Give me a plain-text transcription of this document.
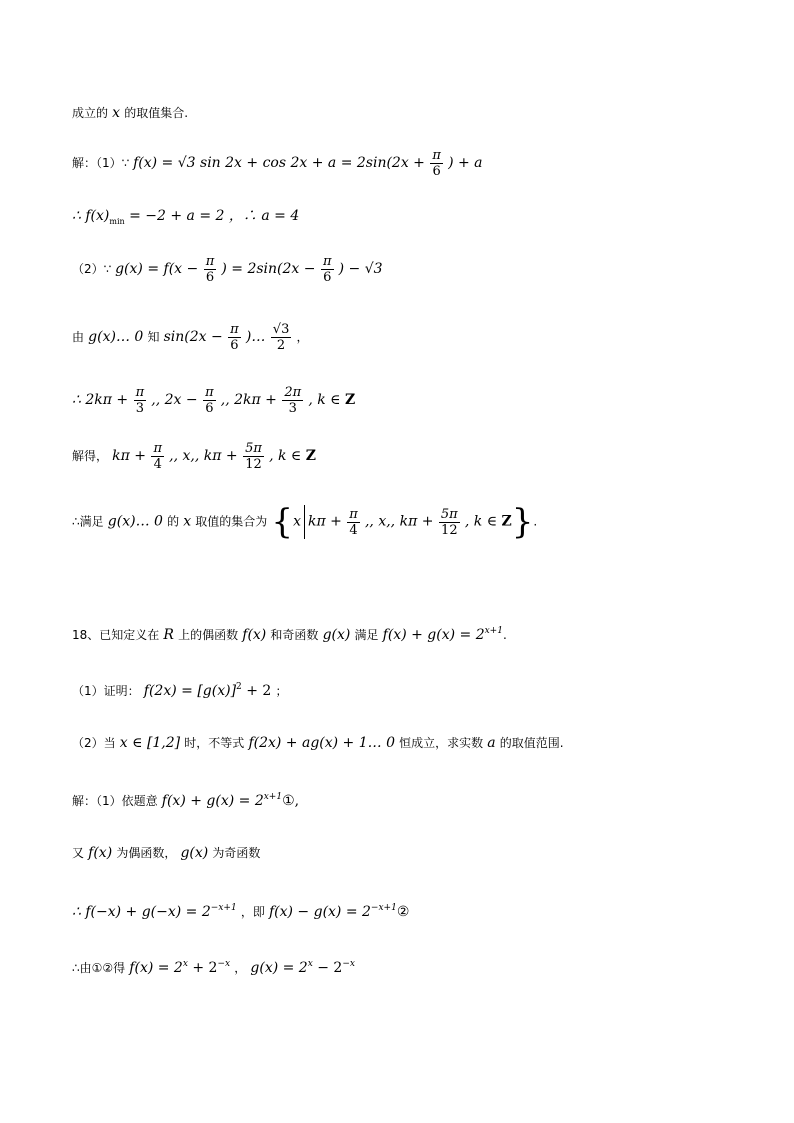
成立的 x 的取值集合.
解：（1）∵ f(x) = √3 $\sin 2x + \cos 2x + a = 2\sin(2x + \frac{\pi}{6}$ ) + a
∴ $f(x)_{min} = -2 + a = 2$ ，∴ a = 4
（2）∵ $g(x) = f(x - \frac{\pi}{6}$ ) = $2\sin(2x - \frac{\pi}{6}$ ) − √3
由 g(x)… 0 知 $\sin(2x - \frac{\pi}{6}$ )… $\frac{√3}{2}$ ，
∴ $2k\pi + \frac{\pi}{3}$ ,, $2x - \frac{\pi}{6}$ ,, $2k\pi + \frac{2\pi}{3}$ , k ∈ Z
解得， $k\pi + \frac{\pi}{4}$ ,, x,, $k\pi + \frac{5\pi}{12}$ , k ∈ Z
∴满足 g(x)… 0 的 x 取值的集合为 {x $k\pi + \frac{\pi}{4}$ ,, x,, $k\pi + \frac{5\pi}{12}$ , k ∈ Z}.
18、已知定义在 R 上的偶函数 f(x) 和奇函数 g(x) 满足 $f(x) + g(x) = 2^{x+1}$.
（1）证明： $f(2x) = [g(x)]^2 + 2$ ；
（2）当 x ∈ [1,2] 时，不等式 f(2x) + ag(x) + 1… 0 恒成立，求实数 a 的取值范围.
解：（1）依题意 $f(x) + g(x) = 2^{x+1}①$,
又 f(x) 为偶函数， g(x) 为奇函数
∴ $f(-x) + g(-x) = 2^{-x+1}$ ，即 $f(x) - g(x) = 2^{-x+1}②$
∴由①②得 $f(x) = 2^x + 2^{-x}$ ， $g(x) = 2^x - 2^{-x}$
